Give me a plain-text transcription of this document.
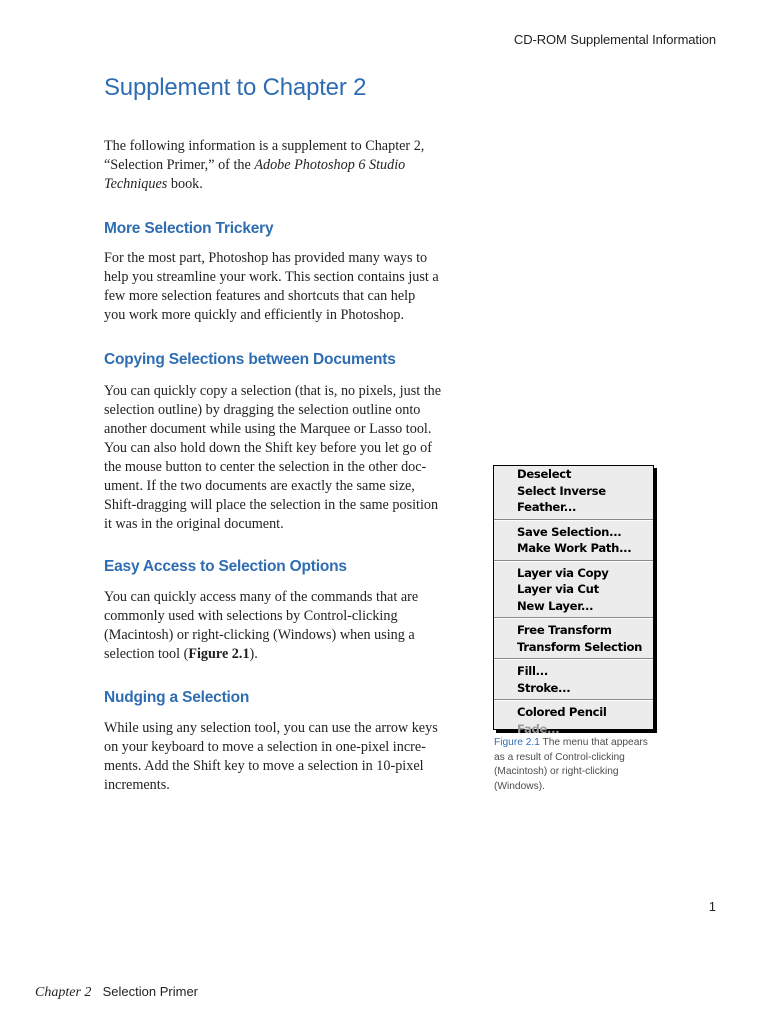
CD-ROM Supplemental Information
Supplement to Chapter 2

The following information is a supplement to Chapter 2,
“Selection Primer,” of the Adobe Photoshop 6 Studio
Techniques book.

More Selection Trickery

For the most part, Photoshop has provided many ways to
help you streamline your work. This section contains just a
few more selection features and shortcuts that can help
you work more quickly and efficiently in Photoshop.

Copying Selections between Documents

You can quickly copy a selection (that is, no pixels, just the
selection outline) by dragging the selection outline onto
another document while using the Marquee or Lasso tool.
You can also hold down the Shift key before you let go of
the mouse button to center the selection in the other doc-
ument. If the two documents are exactly the same size,
Shift-dragging will place the selection in the same position
it was in the original document.

Easy Access to Selection Options

You can quickly access many of the commands that are
commonly used with selections by Control-clicking
(Macintosh) or right-clicking (Windows) when using a
selection tool (Figure 2.1).

Nudging a Selection

While using any selection tool, you can use the arrow keys
on your keyboard to move a selection in one-pixel incre-
ments. Add the Shift key to move a selection in 10-pixel
increments.

Deselect
Select Inverse
Feather...
Save Selection...
Make Work Path...
Layer via Copy
Layer via Cut
New Layer...
Free Transform
Transform Selection
Fill...
Stroke...
Colored Pencil
Fade...

Figure 2.1 The menu that appears
as a result of Control-clicking
(Macintosh) or right-clicking
(Windows).

1
Chapter 2 Selection Primer
